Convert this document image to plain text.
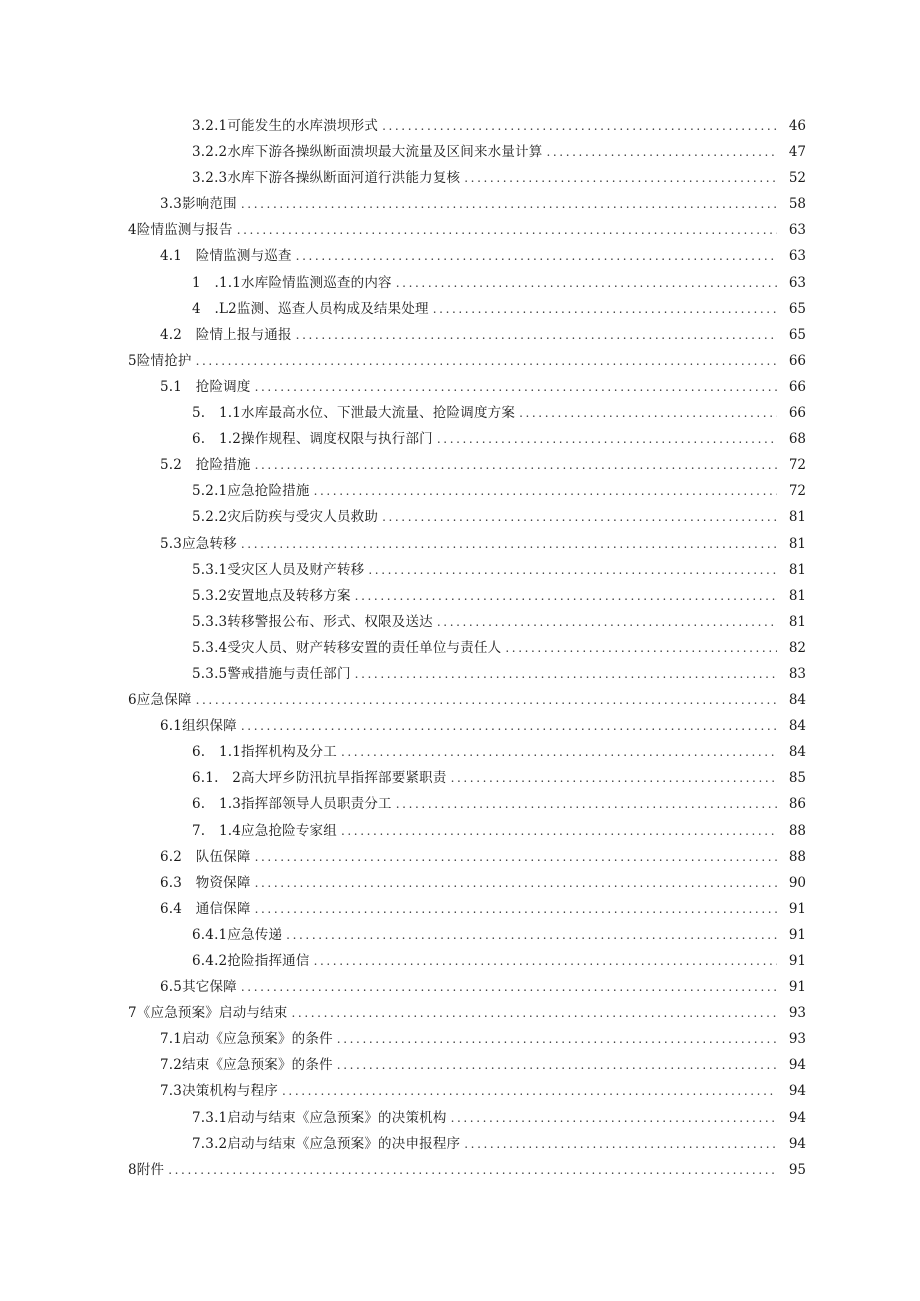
3.2.1可能发生的水库溃坝形式 .....	46
3.2.2水库下游各操纵断面溃坝最大流量及区间来水量计算 .....	47
3.2.3水库下游各操纵断面河道行洪能力复核 .....	52
3.3影响范围 .....	58
4险情监测与报告 .....	63
4.1　险情监测与巡查 .....	63
1　.1.1水库险情监测巡查的内容 .....	63
4　.L2监测、巡查人员构成及结果处理 .....	65
4.2　险情上报与通报 .....	65
5险情抢护 .....	66
5.1　抢险调度 .....	66
5.　1.1水库最高水位、下泄最大流量、抢险调度方案 .....	66
6.　1.2操作规程、调度权限与执行部门 .....	68
5.2　抢险措施 .....	72
5.2.1应急抢险措施 .....	72
5.2.2灾后防疾与受灾人员救助 .....	81
5.3应急转移 .....	81
5.3.1受灾区人员及财产转移 .....	81
5.3.2安置地点及转移方案 .....	81
5.3.3转移警报公布、形式、权限及送达 .....	81
5.3.4受灾人员、财产转移安置的责任单位与责任人 .....	82
5.3.5警戒措施与责任部门 .....	83
6应急保障 .....	84
6.1组织保障 .....	84
6.　1.1指挥机构及分工 .....	84
6.1.　2高大坪乡防汛抗旱指挥部要紧职责 .....	85
6.　1.3指挥部领导人员职责分工 .....	86
7.　1.4应急抢险专家组 .....	88
6.2　队伍保障 .....	88
6.3　物资保障 .....	90
6.4　通信保障 .....	91
6.4.1应急传递 .....	91
6.4.2抢险指挥通信 .....	91
6.5其它保障 .....	91
7《应急预案》启动与结束 .....	93
7.1启动《应急预案》的条件 .....	93
7.2结束《应急预案》的条件 .....	94
7.3决策机构与程序 .....	94
7.3.1启动与结束《应急预案》的决策机构 .....	94
7.3.2启动与结束《应急预案》的决申报程序 .....	94
8附件 .....	95
